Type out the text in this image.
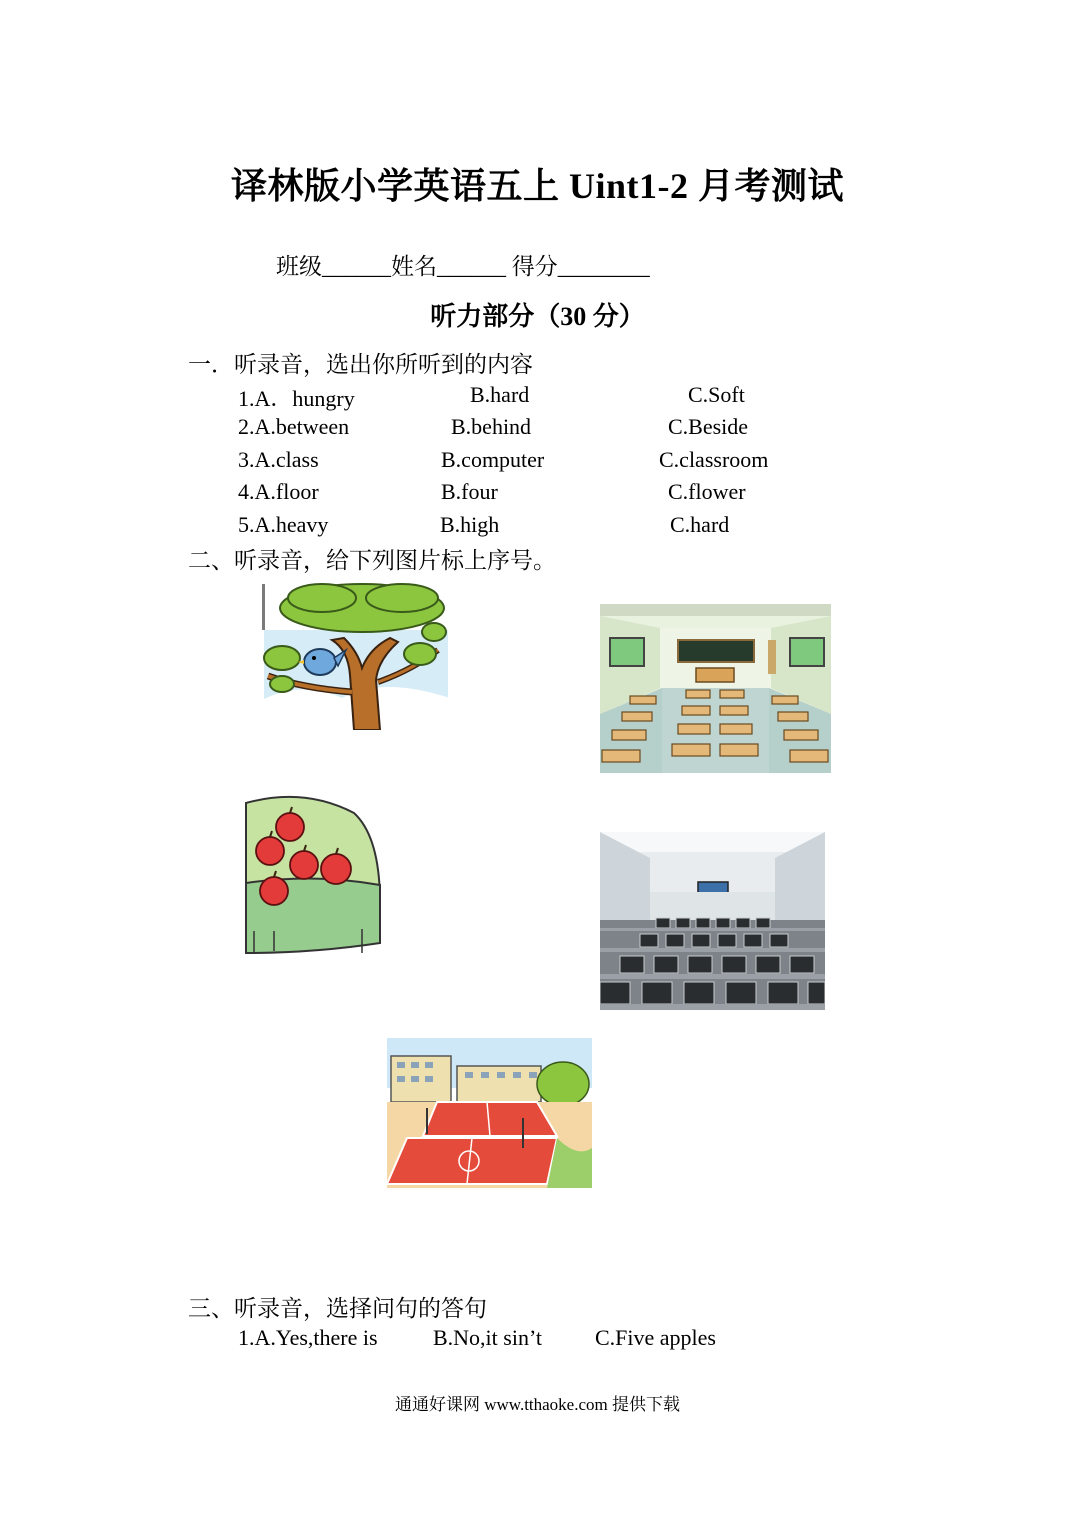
译林版小学英语五上 Uint1-2 月考测试
班级______姓名______ 得分________
听力部分（30 分）
一．听录音，选出你所听到的内容
1.A．hungry	B.hard	C.Soft
2.A.between	B.behind	C.Beside
3.A.class	B.computer	C.classroom
4.A.floor	B.four	C.flower
5.A.heavy	B.high	C.hard
二、听录音，给下列图片标上序号。
三、听录音，选择问句的答句
1.A.Yes,there is	B.No,it sin’t C.Five apples
通通好课网 www.tthaoke.com 提供下载
